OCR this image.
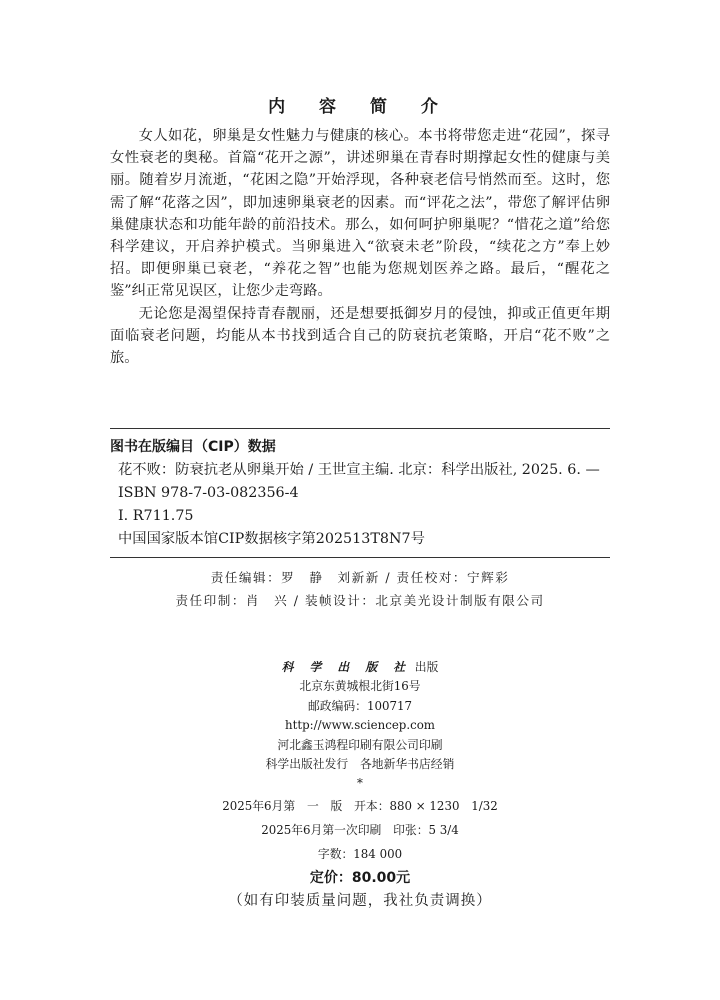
内 容 简 介

女人如花，卵巢是女性魅力与健康的核心。本书将带您走进“花园”，探寻女性衰老的奥秘。首篇“花开之源”，讲述卵巢在青春时期撑起女性的健康与美丽。随着岁月流逝，“花困之隐”开始浮现，各种衰老信号悄然而至。这时，您需了解“花落之因”，即加速卵巢衰老的因素。而“评花之法”，带您了解评估卵巢健康状态和功能年龄的前沿技术。那么，如何呵护卵巢呢？“惜花之道”给您科学建议，开启养护模式。当卵巢进入“欲衰未老”阶段，“续花之方”奉上妙招。即便卵巢已衰老，“养花之智”也能为您规划医养之路。最后，“醒花之鉴”纠正常见误区，让您少走弯路。

无论您是渴望保持青春靓丽，还是想要抵御岁月的侵蚀，抑或正值更年期面临衰老问题，均能从本书找到适合自己的防衰抗老策略，开启“花不败”之旅。

图书在版编目（CIP）数据
花不败：防衰抗老从卵巢开始 / 王世宣主编. 北京：科学出版社, 2025. 6. — ISBN 978-7-03-082356-4
Ⅰ. R711.75
中国国家版本馆CIP数据核字第202513T8N7号
责任编辑：罗　静　刘新新 / 责任校对：宁辉彩
责任印制：肖　兴 / 装帧设计：北京美光设计制版有限公司
科 学 出 版 社 出版
北京东黄城根北街16号
邮政编码：100717
http://www.sciencep.com
河北鑫玉鸿程印刷有限公司印刷
科学出版社发行　各地新华书店经销
*
2025年6月第　一　版　开本：880 × 1230　1/32
2025年6月第一次印刷　印张：5 3/4
字数：184 000
定价：80.00元
（如有印装质量问题，我社负责调换）
